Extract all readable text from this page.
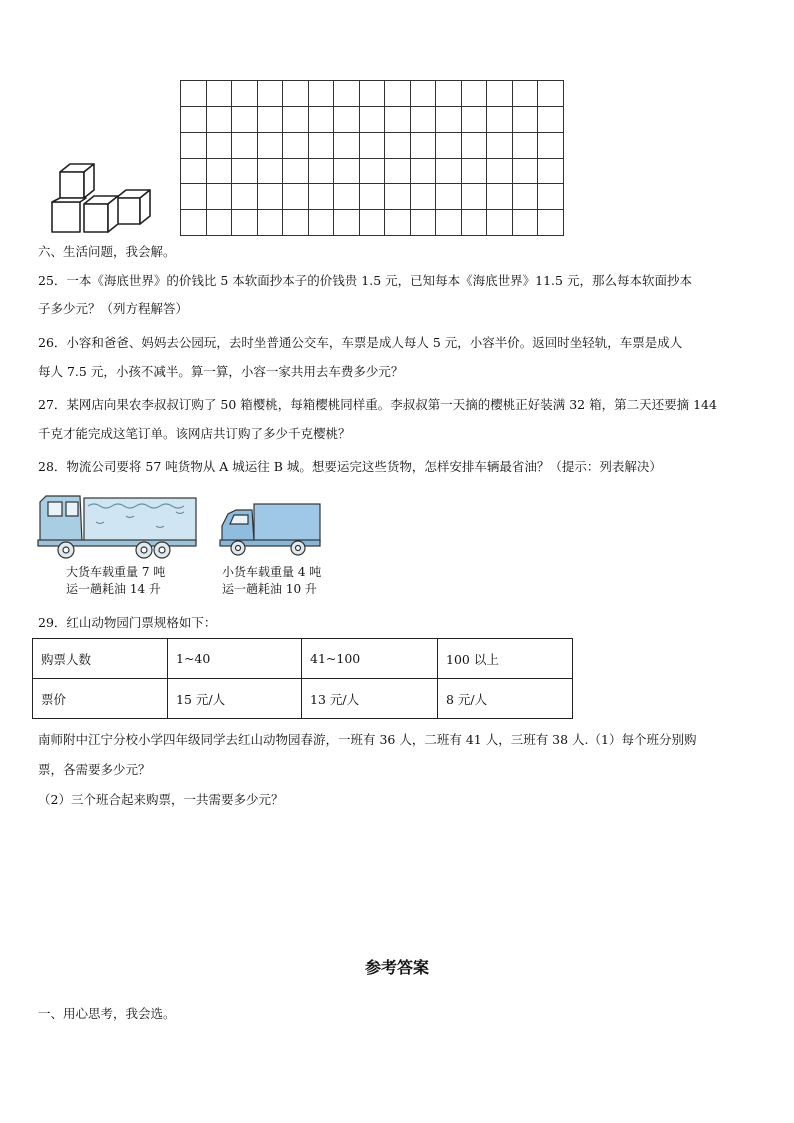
六、生活问题，我会解。
25．一本《海底世界》的价钱比 5 本软面抄本子的价钱贵 1.5 元，已知每本《海底世界》11.5 元，那么每本软面抄本
子多少元？（列方程解答）
26．小容和爸爸、妈妈去公园玩，去时坐普通公交车，车票是成人每人 5 元，小容半价。返回时坐轻轨，车票是成人
每人 7.5 元，小孩不减半。算一算，小容一家共用去车费多少元？
27．某网店向果农李叔叔订购了 50 箱樱桃，每箱樱桃同样重。李叔叔第一天摘的樱桃正好装满 32 箱，第二天还要摘 144
千克才能完成这笔订单。该网店共订购了多少千克樱桃？
28．物流公司要将 57 吨货物从 A 城运往 B 城。想要运完这些货物，怎样安排车辆最省油？（提示：列表解决）
大货车载重量 7 吨
运一趟耗油 14 升
小货车载重量 4 吨
运一趟耗油 10 升
29．红山动物园门票规格如下：
购票人数	1~40	41~100	100 以上
票价	15 元/人	13 元/人	8 元/人
南师附中江宁分校小学四年级同学去红山动物园春游，一班有 36 人，二班有 41 人，三班有 38 人.（1）每个班分别购
票，各需要多少元？
（2）三个班合起来购票，一共需要多少元？
参考答案
一、用心思考，我会选。
